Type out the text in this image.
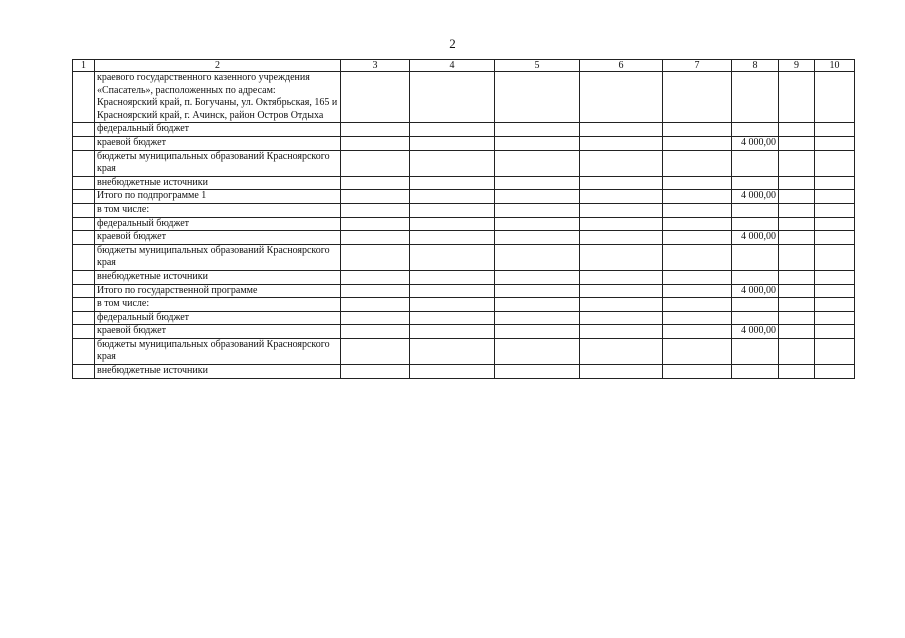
2
1	2	3	4	5	6	7	8	9	10
	краевого государственного казенного учреждения «Спасатель», расположенных по адресам: Красноярский край, п. Богучаны, ул. Октябрьская, 165 и Красноярский край, г. Ачинск, район Остров Отдыха								
	федеральный бюджет								
	краевой бюджет						4 000,00		
	бюджеты муниципальных образований Красноярского края								
	внебюджетные источники								
	Итого по подпрограмме 1						4 000,00		
	в том числе:								
	федеральный бюджет								
	краевой бюджет						4 000,00		
	бюджеты муниципальных образований Красноярского края								
	внебюджетные источники								
	Итого по государственной программе						4 000,00		
	в том числе:								
	федеральный бюджет								
	краевой бюджет						4 000,00		
	бюджеты муниципальных образований Красноярского края								
	внебюджетные источники								
